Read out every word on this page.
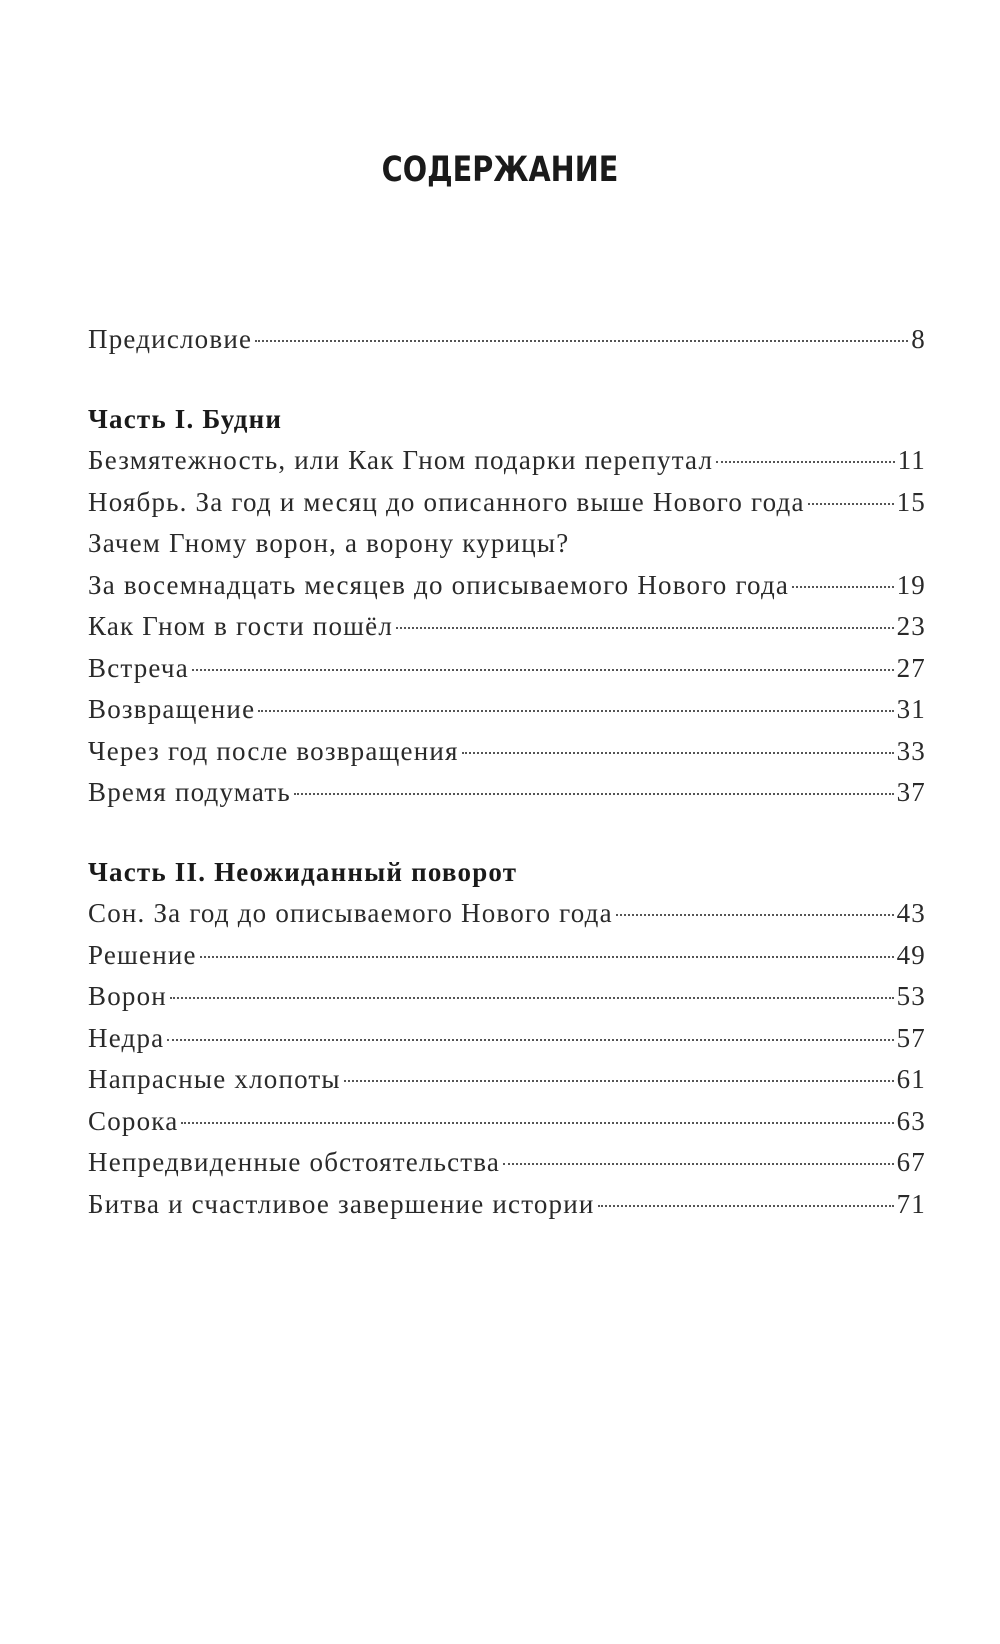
СОДЕРЖАНИЕ
Предисловие	8
Часть I. Будни
Безмятежность, или Как Гном подарки перепутал	11
Ноябрь. За год и месяц до описанного выше Нового года	15
Зачем Гному ворон, а ворону курицы?
За восемнадцать месяцев до описываемого Нового года	19
Как Гном в гости пошёл	23
Встреча	27
Возвращение	31
Через год после возвращения	33
Время подумать	37
Часть II. Неожиданный поворот
Сон. За год до описываемого Нового года	43
Решение	49
Ворон	53
Недра	57
Напрасные хлопоты	61
Сорока	63
Непредвиденные обстоятельства	67
Битва и счастливое завершение истории	71
